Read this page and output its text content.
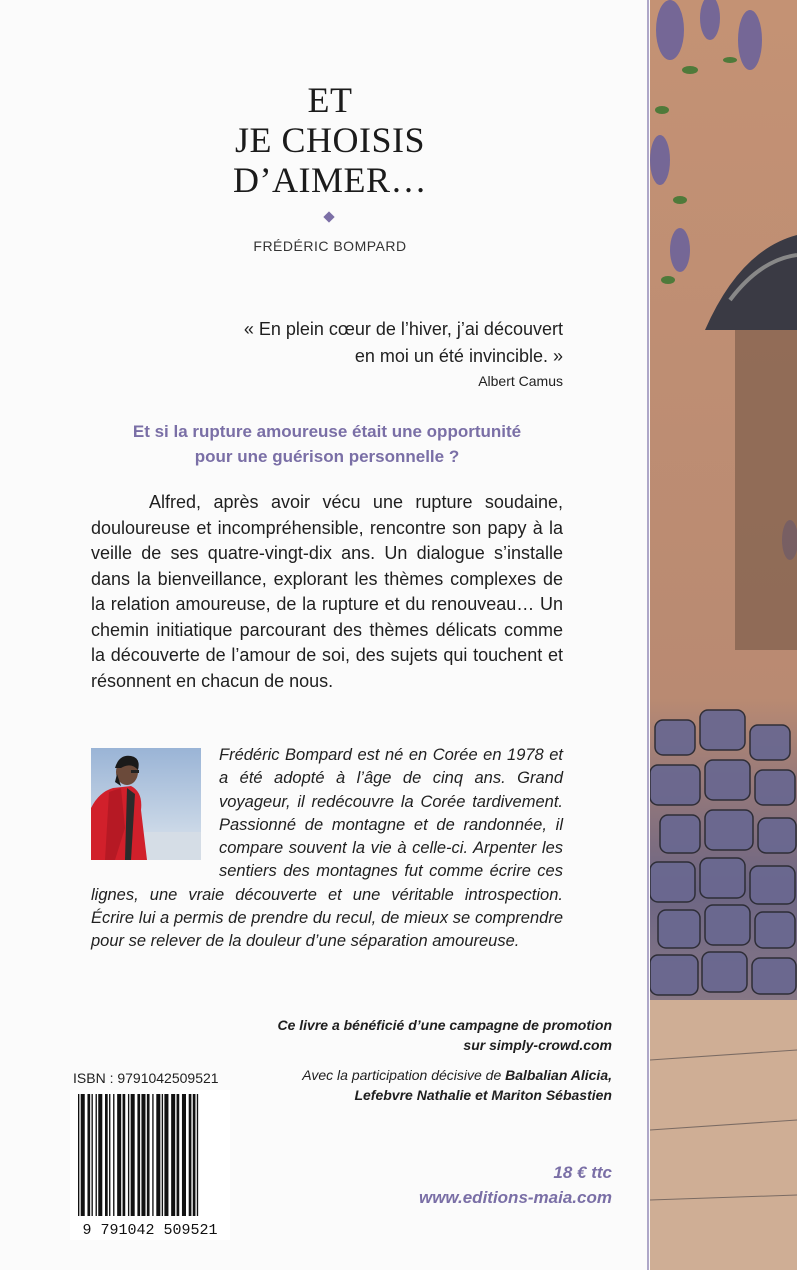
ET
JE CHOISIS
D’AIMER…
FRÉDÉRIC BOMPARD
« En plein cœur de l’hiver, j’ai découvert
en moi un été invincible. »
Albert Camus
Et si la rupture amoureuse était une opportunité
pour une guérison personnelle ?
Alfred, après avoir vécu une rupture soudaine, douloureuse et incompréhensible, rencontre son papy à la veille de ses quatre-vingt-dix ans. Un dialogue s’installe dans la bienveillance, explorant les thèmes complexes de la relation amoureuse, de la rupture et du renouveau… Un chemin initiatique parcourant des thèmes délicats comme la découverte de l’amour de soi, des sujets qui touchent et résonnent en chacun de nous.
Frédéric Bompard est né en Corée en 1978 et a été adopté à l’âge de cinq ans. Grand voyageur, il redécouvre la Corée tardivement. Passionné de montagne et de randonnée, il compare souvent la vie à celle-ci. Arpenter les sentiers des montagnes fut comme écrire ces lignes, une vraie découverte et une véritable introspection. Écrire lui a permis de prendre du recul, de mieux se comprendre pour se relever de la douleur d’une séparation amoureuse.
Ce livre a bénéficié d’une campagne de promotion
sur simply-crowd.com
Avec la participation décisive de Balbalian Alicia,
Lefebvre Nathalie et Mariton Sébastien
ISBN : 9791042509521
9 791042 509521
18 € ttc
www.editions-maia.com
